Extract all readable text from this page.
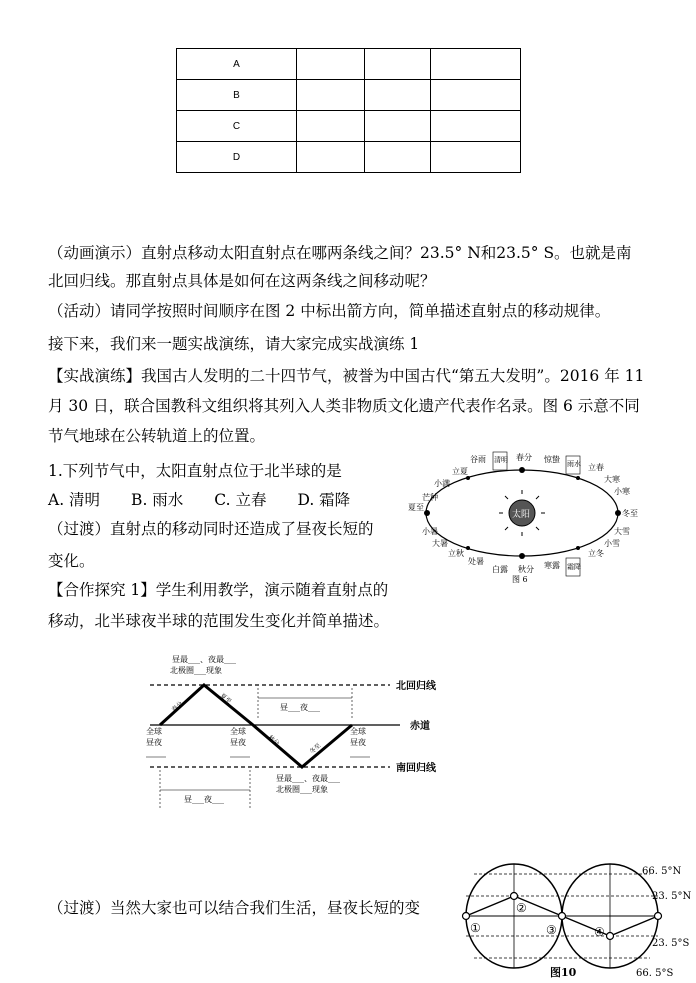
A			
B			
C			
D			
（动画演示）直射点移动太阳直射点在哪两条线之间？23.5° N和23.5° S。也就是南
北回归线。那直射点具体是如何在这两条线之间移动呢？
（活动）请同学按照时间顺序在图 2 中标出箭方向，简单描述直射点的移动规律。
接下来，我们来一题实战演练，请大家完成实战演练 1
【实战演练】我国古人发明的二十四节气，被誉为中国古代“第五大发明”。2016 年 11
月 30 日，联合国教科文组织将其列入人类非物质文化遗产代表作名录。图 6 示意不同
节气地球在公转轨道上的位置。
1.下列节气中，太阳直射点位于北半球的是
A. 清明　　B. 雨水　　C. 立春　　D. 霜降
（过渡）直射点的移动同时还造成了昼夜长短的
变化。
【合作探究 1】学生利用教学，演示随着直射点的
移动，北半球夜半球的范围发生变化并简单描述。
（过渡）当然大家也可以结合我们生活，昼夜长短的变
太阳
谷雨 清明 春分 惊蛰 雨水 立春
白露 秋分 寒露 霜降
立夏
小满
芒种
夏至
小暑
大暑
立秋
处暑
大寒
小寒
冬至
大雪
小雪
立冬
图 6
昼最___、夜最___
北极圈___现象
北回归线
赤道
南回归线
春分
夏至
秋分
冬至
昼___夜___
昼___夜___
全球
昼夜
全球
昼夜
全球
昼夜
昼最___、夜最___
北极圈___现象
①
②
③	④
66. 5°N
23. 5°N
23. 5°S
66. 5°S
图10
